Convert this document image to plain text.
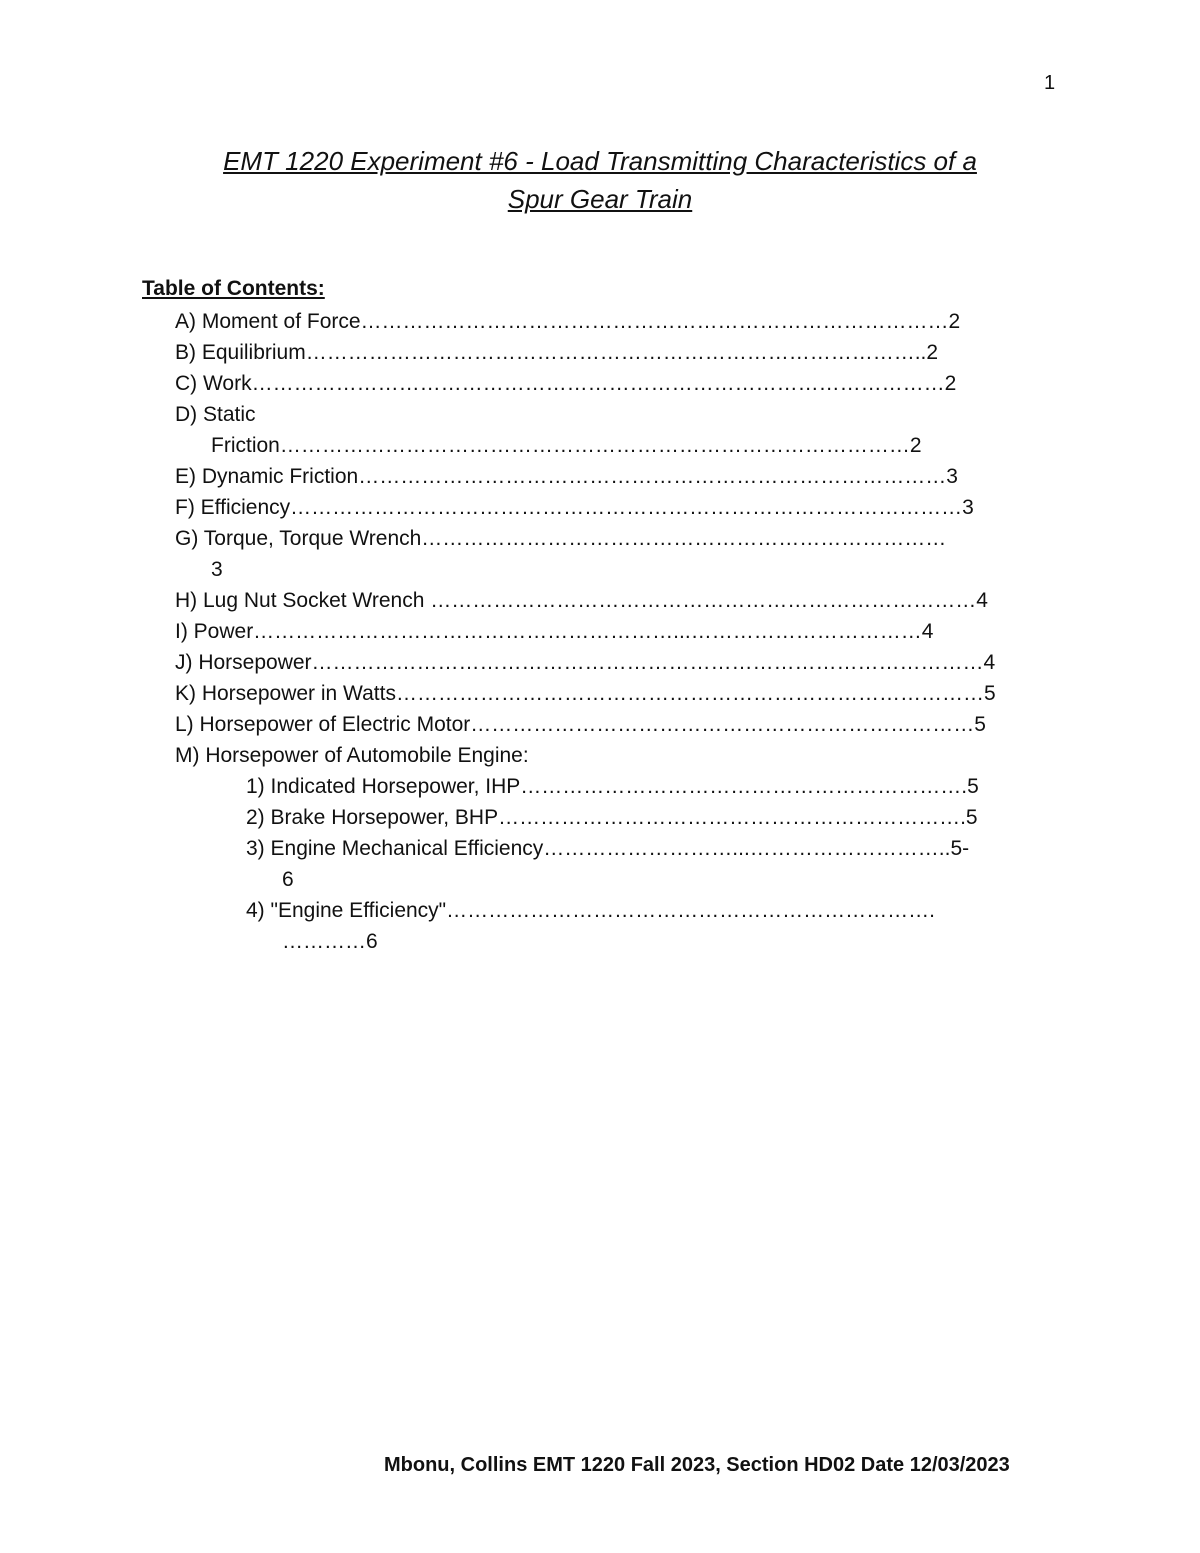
1
EMT 1220 Experiment #6 - Load Transmitting Characteristics of a
Spur Gear Train
Table of Contents:

A) Moment of Force…………………………………………………………………………2

B) Equilibrium……………………………………………………………………………..2

C) Work………………………………………………………………………………………2

D) Static

Friction………………………………………………………………………………2

E) Dynamic Friction…………………………………………………………………………3

F) Efficiency……………………………………………………………………………………3

G) Torque, Torque Wrench…………………………………………………………………

3

H) Lug Nut Socket Wrench ……………………………………………………………………4

I) Power……………………………………………………...……………………………4

J) Horsepower……………………………………………………………………………………4

K) Horsepower in Watts…………………………………………………………………………5

L) Horsepower of Electric Motor………………………………………………………………5

M) Horsepower of Automobile Engine:

1) Indicated Horsepower, IHP……………………………………………………….5

2) Brake Horsepower, BHP………………………………………………………….5

3) Engine Mechanical Efficiency………………………...………………………..5-

6

4) "Engine Efficiency"…………………………………………………………….

…………6

Mbonu, Collins EMT 1220 Fall 2023, Section HD02 Date 12/03/2023
